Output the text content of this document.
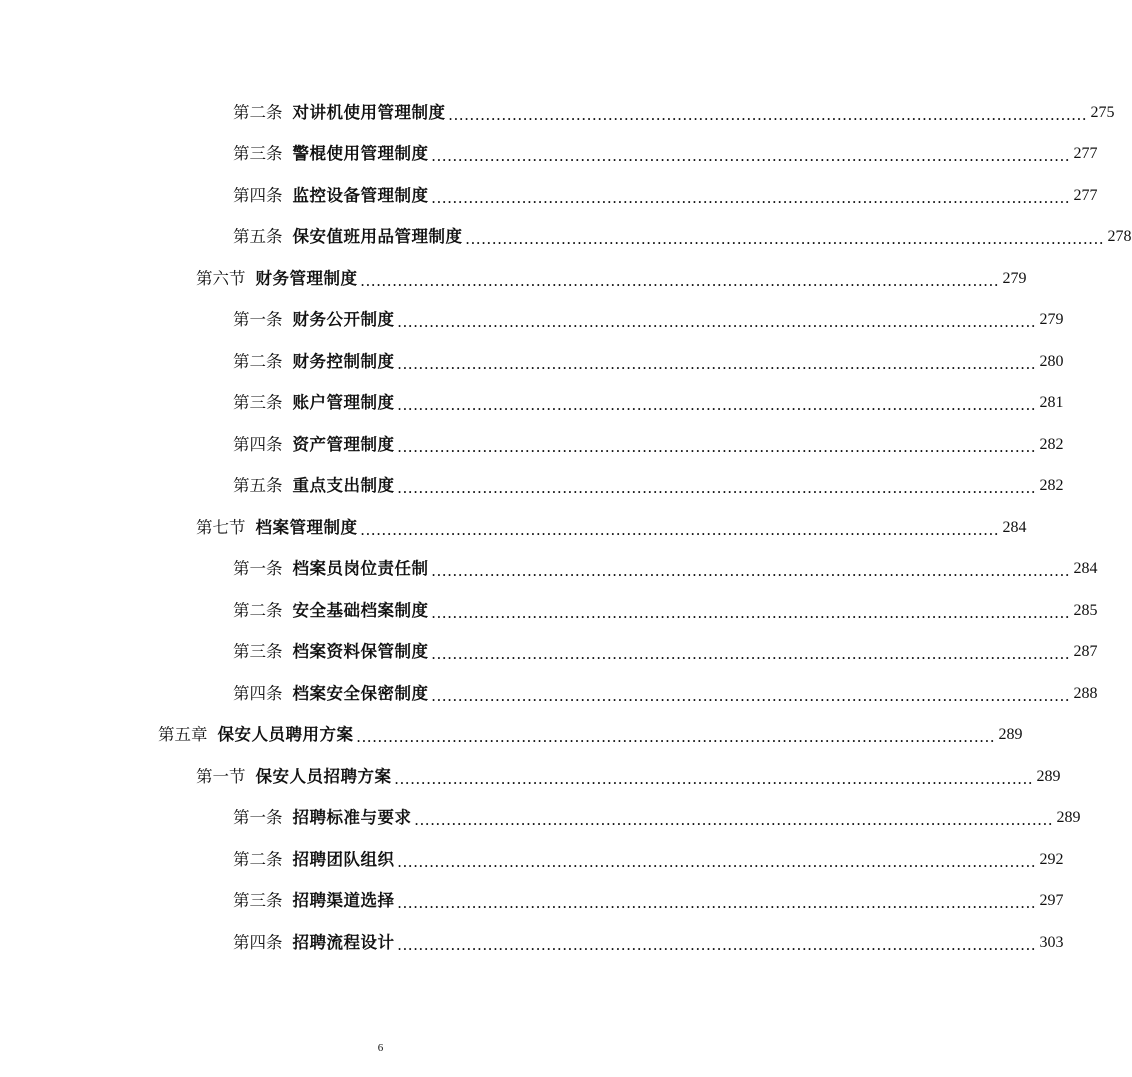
第二条 对讲机使用管理制度 ........................................................................................................................ 275
第三条 警棍使用管理制度 ........................................................................................................................ 277
第四条 监控设备管理制度 ........................................................................................................................ 277
第五条 保安值班用品管理制度 ........................................................................................................................ 278
第六节 财务管理制度 ........................................................................................................................ 279
第一条 财务公开制度 ........................................................................................................................ 279
第二条 财务控制制度 ........................................................................................................................ 280
第三条 账户管理制度 ........................................................................................................................ 281
第四条 资产管理制度 ........................................................................................................................ 282
第五条 重点支出制度 ........................................................................................................................ 282
第七节 档案管理制度 ........................................................................................................................ 284
第一条 档案员岗位责任制 ........................................................................................................................ 284
第二条 安全基础档案制度 ........................................................................................................................ 285
第三条 档案资料保管制度 ........................................................................................................................ 287
第四条 档案安全保密制度 ........................................................................................................................ 288
第五章 保安人员聘用方案 ........................................................................................................................ 289
第一节 保安人员招聘方案 ........................................................................................................................ 289
第一条 招聘标准与要求 ........................................................................................................................ 289
第二条 招聘团队组织 ........................................................................................................................ 292
第三条 招聘渠道选择 ........................................................................................................................ 297
第四条 招聘流程设计 ........................................................................................................................ 303
6
